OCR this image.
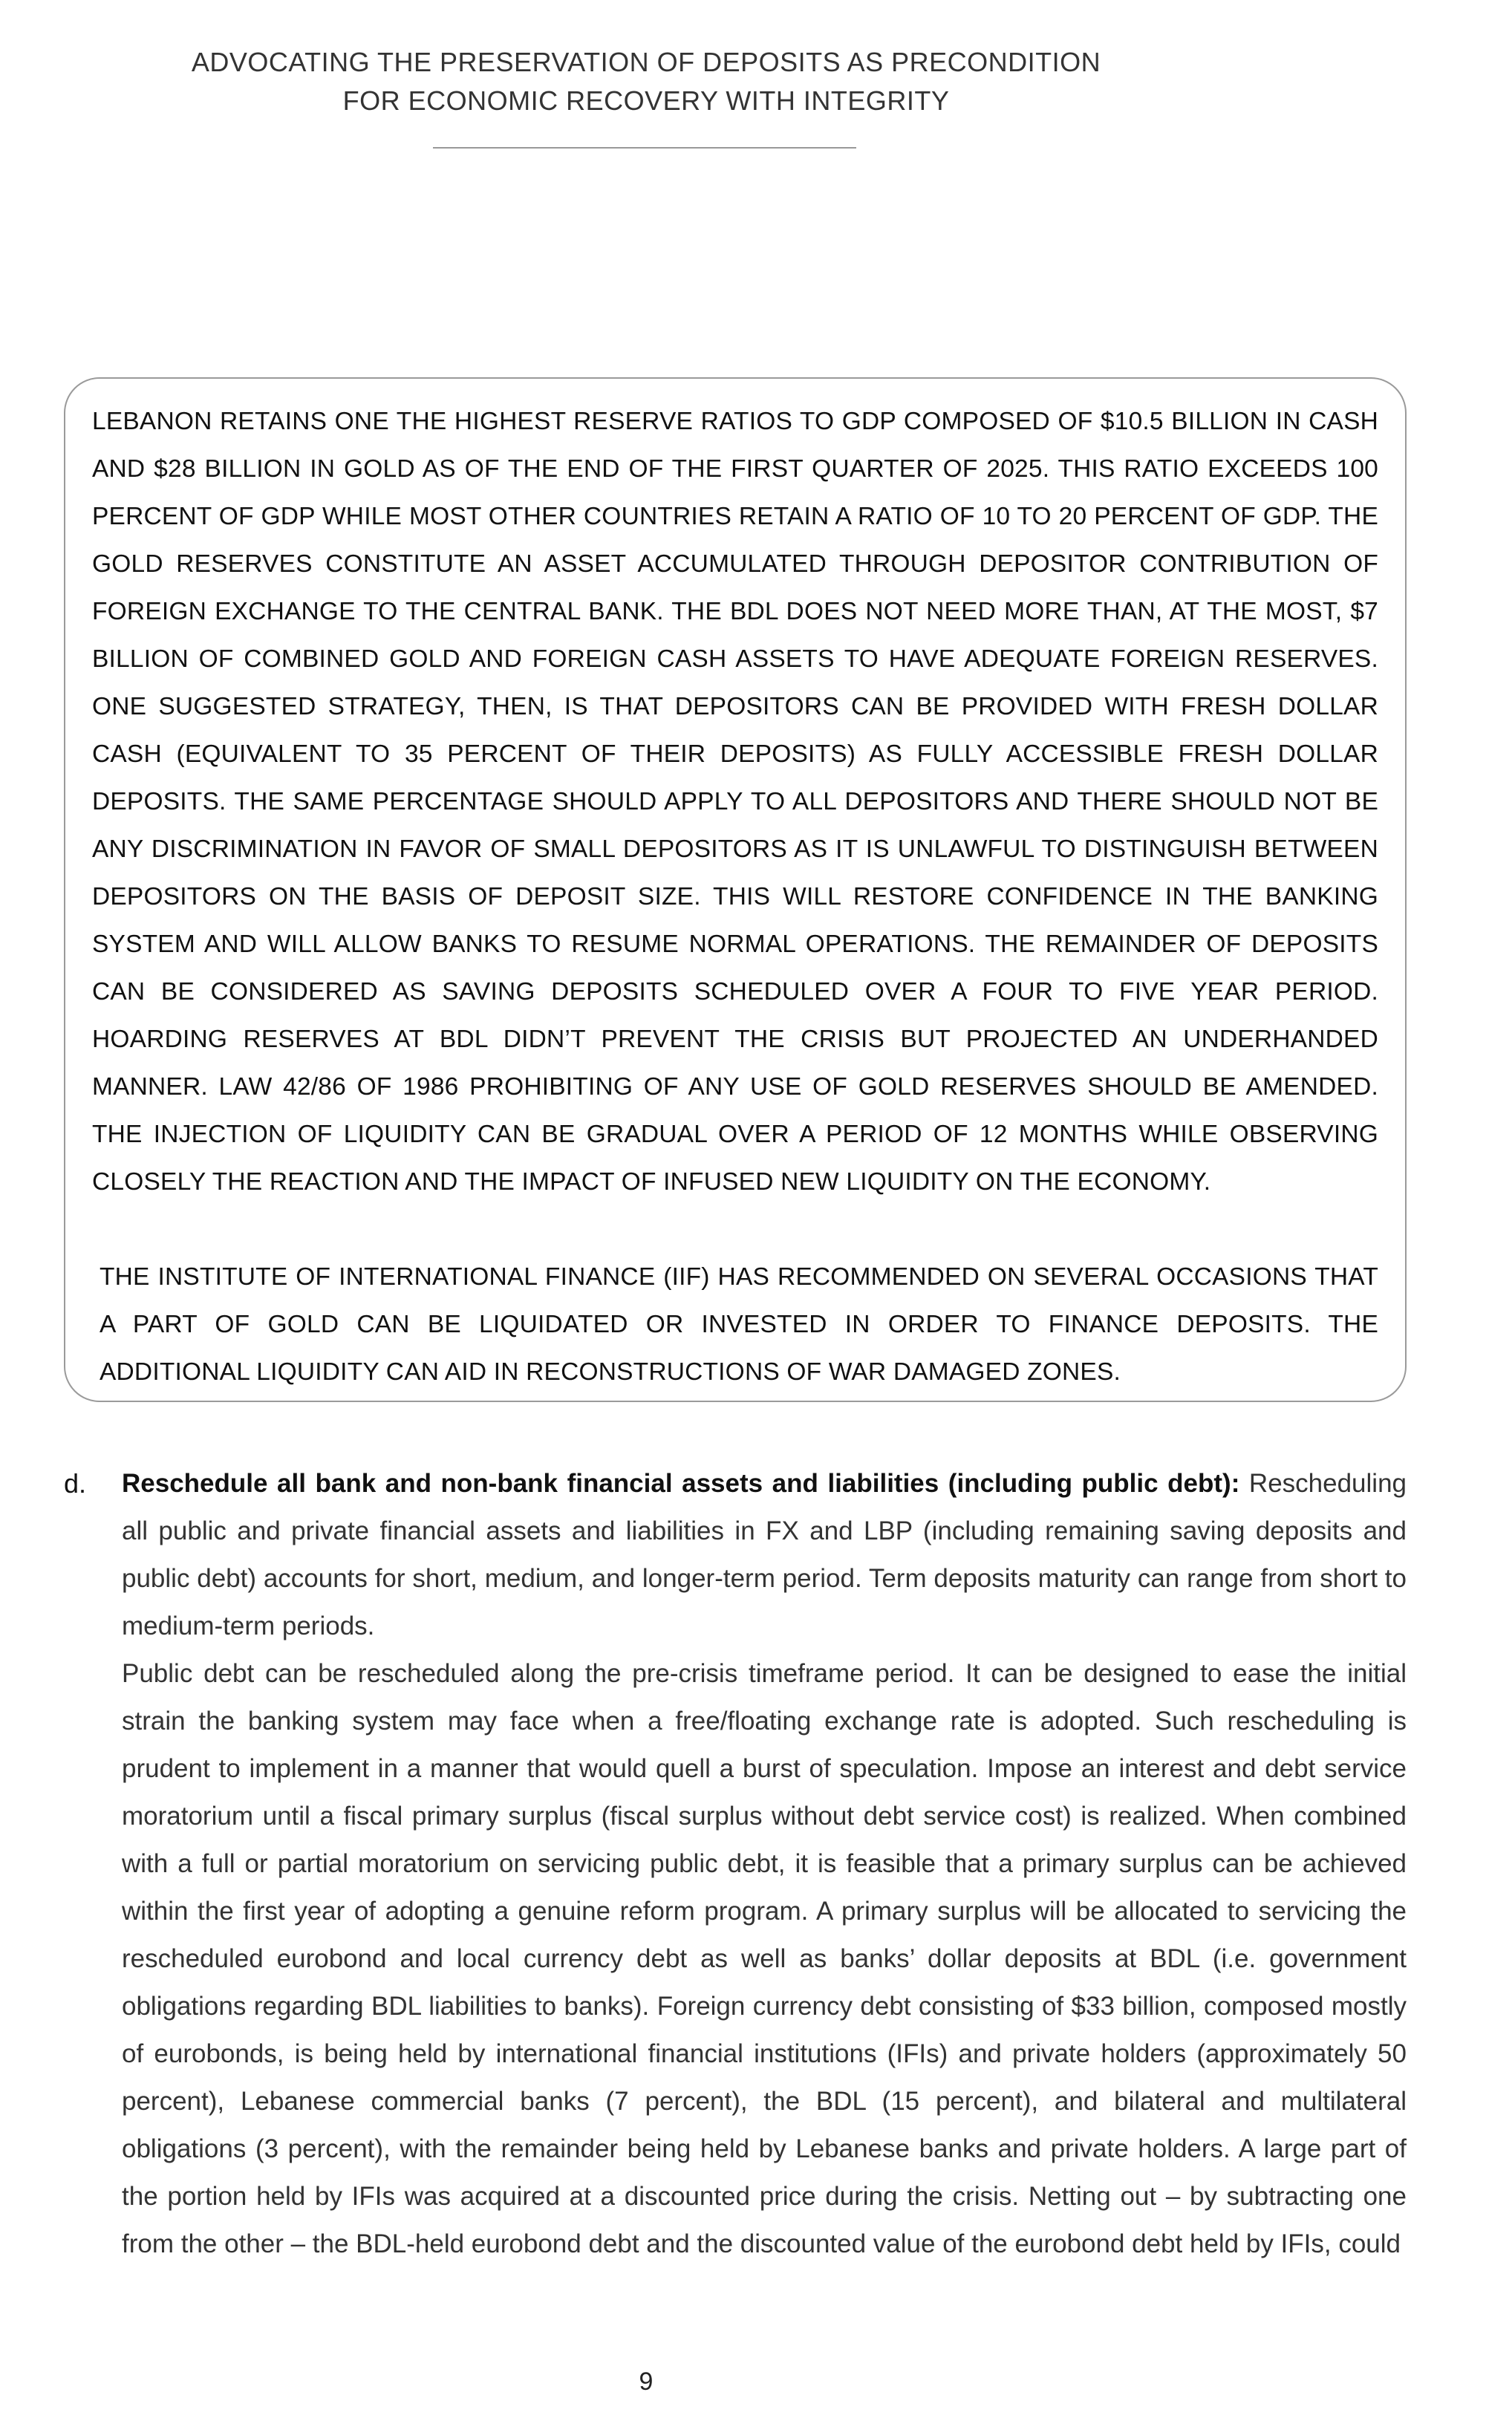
ADVOCATING THE PRESERVATION OF DEPOSITS AS PRECONDITION
FOR ECONOMIC RECOVERY WITH INTEGRITY

LEBANON RETAINS ONE THE HIGHEST RESERVE RATIOS TO GDP COMPOSED OF $10.5 BILLION IN CASH AND $28 BILLION IN GOLD AS OF THE END OF THE FIRST QUARTER OF 2025. THIS RATIO EXCEEDS 100 PERCENT OF GDP WHILE MOST OTHER COUNTRIES RETAIN A RATIO OF 10 TO 20 PERCENT OF GDP. THE GOLD RESERVES CONSTITUTE AN ASSET ACCUMULATED THROUGH DEPOSITOR CONTRIBUTION OF FOREIGN EXCHANGE TO THE CENTRAL BANK. THE BDL DOES NOT NEED MORE THAN, AT THE MOST, $7 BILLION OF COMBINED GOLD AND FOREIGN CASH ASSETS TO HAVE ADEQUATE FOREIGN RESERVES. ONE SUGGESTED STRATEGY, THEN, IS THAT DEPOSITORS CAN BE PROVIDED WITH FRESH DOLLAR CASH (EQUIVALENT TO 35 PERCENT OF THEIR DEPOSITS) AS FULLY ACCESSIBLE FRESH DOLLAR DEPOSITS. THE SAME PERCENTAGE SHOULD APPLY TO ALL DEPOSITORS AND THERE SHOULD NOT BE ANY DISCRIMINATION IN FAVOR OF SMALL DEPOSITORS AS IT IS UNLAWFUL TO DISTINGUISH BETWEEN DEPOSITORS ON THE BASIS OF DEPOSIT SIZE. THIS WILL RESTORE CONFIDENCE IN THE BANKING SYSTEM AND WILL ALLOW BANKS TO RESUME NORMAL OPERATIONS. THE REMAINDER OF DEPOSITS CAN BE CONSIDERED AS SAVING DEPOSITS SCHEDULED OVER A FOUR TO FIVE YEAR PERIOD. HOARDING RESERVES AT BDL DIDN’T PREVENT THE CRISIS BUT PROJECTED AN UNDERHANDED MANNER. LAW 42/86 OF 1986 PROHIBITING OF ANY USE OF GOLD RESERVES SHOULD BE AMENDED. THE INJECTION OF LIQUIDITY CAN BE GRADUAL OVER A PERIOD OF 12 MONTHS WHILE OBSERVING CLOSELY THE REACTION AND THE IMPACT OF INFUSED NEW LIQUIDITY ON THE ECONOMY.

THE INSTITUTE OF INTERNATIONAL FINANCE (IIF) HAS RECOMMENDED ON SEVERAL OCCASIONS THAT A PART OF GOLD CAN BE LIQUIDATED OR INVESTED IN ORDER TO FINANCE DEPOSITS. THE ADDITIONAL LIQUIDITY CAN AID IN RECONSTRUCTIONS OF WAR DAMAGED ZONES.

d. Reschedule all bank and non-bank financial assets and liabilities (including public debt): Rescheduling all public and private financial assets and liabilities in FX and LBP (including remaining saving deposits and public debt) accounts for short, medium, and longer-term period. Term deposits maturity can range from short to medium-term periods.

Public debt can be rescheduled along the pre-crisis timeframe period. It can be designed to ease the initial strain the banking system may face when a free/floating exchange rate is adopted. Such rescheduling is prudent to implement in a manner that would quell a burst of speculation. Impose an interest and debt service moratorium until a fiscal primary surplus (fiscal surplus without debt service cost) is realized. When combined with a full or partial moratorium on servicing public debt, it is feasible that a primary surplus can be achieved within the first year of adopting a genuine reform program. A primary surplus will be allocated to servicing the rescheduled eurobond and local currency debt as well as banks’ dollar deposits at BDL (i.e. government obligations regarding BDL liabilities to banks). Foreign currency debt consisting of $33 billion, composed mostly of eurobonds, is being held by international financial institutions (IFIs) and private holders (approximately 50 percent), Lebanese commercial banks (7 percent), the BDL (15 percent), and bilateral and multilateral obligations (3 percent), with the remainder being held by Lebanese banks and private holders. A large part of the portion held by IFIs was acquired at a discounted price during the crisis. Netting out – by subtracting one from the other – the BDL-held eurobond debt and the discounted value of the eurobond debt held by IFIs, could

9
